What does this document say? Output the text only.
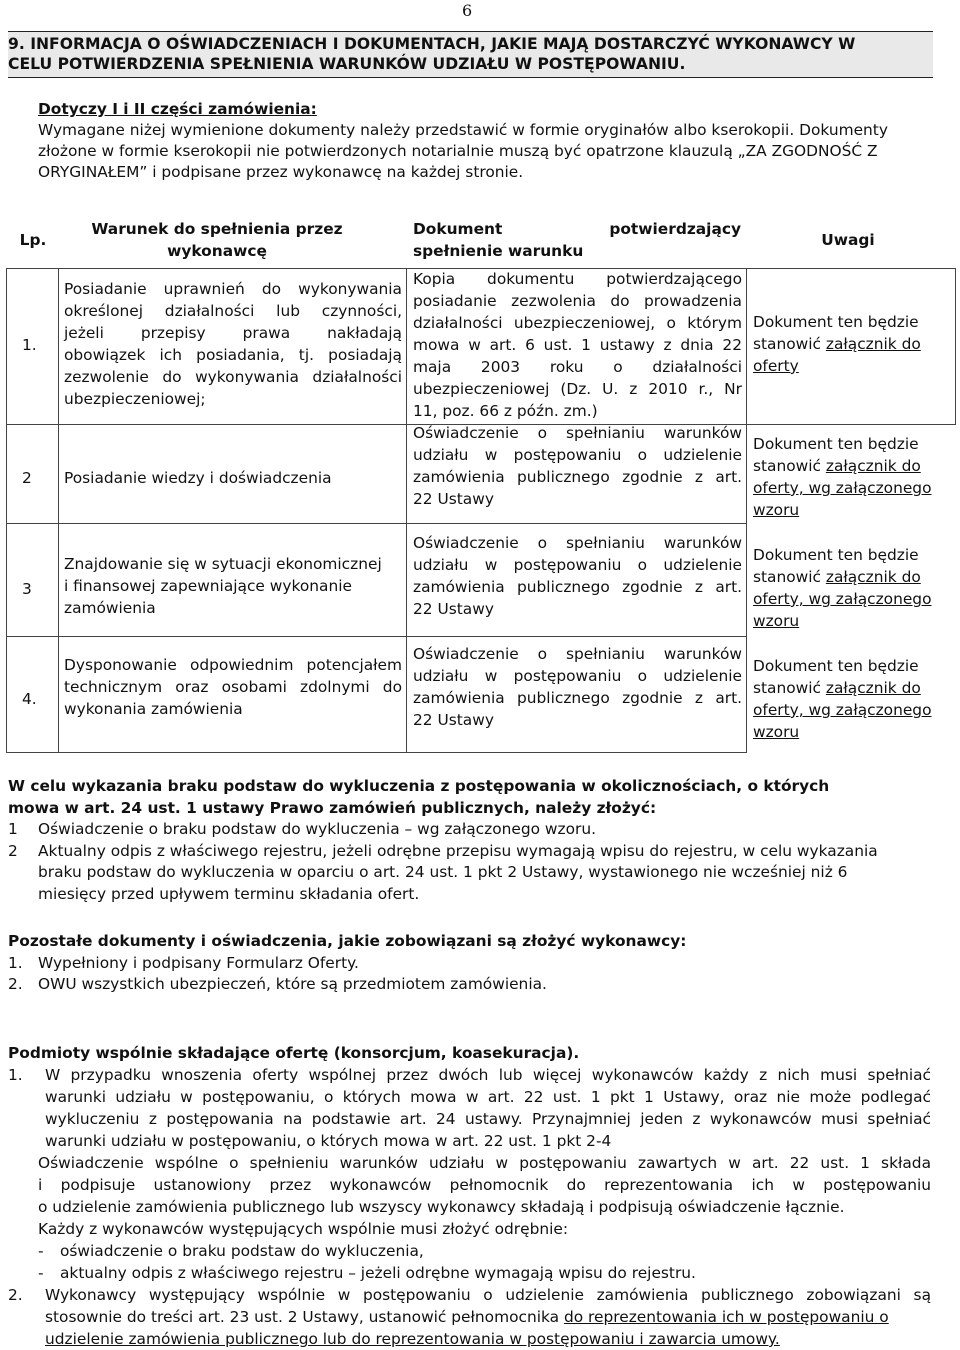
6
9. INFORMACJA O OŚWIADCZENIACH I DOKUMENTACH, JAKIE MAJĄ DOSTARCZYĆ WYKONAWCY W
CELU POTWIERDZENIA SPEŁNIENIA WARUNKÓW UDZIAŁU W POSTĘPOWANIU.
Dotyczy I i II części zamówienia:
Wymagane niżej wymienione dokumenty należy przedstawić w formie oryginałów albo kserokopii. Dokumenty
złożone w formie kserokopii nie potwierdzonych notarialnie muszą być opatrzone klauzulą „ZA ZGODNOŚĆ Z
ORYGINAŁEM” i podpisane przez wykonawcę na każdej stronie.
Lp.
Warunek do spełnienia przez
wykonawcę
Dokument potwierdzający
spełnienie warunku
Uwagi
1.
Posiadanie uprawnień do wykonywania
określonej działalności lub czynności,
jeżeli przepisy prawa nakładają
obowiązek ich posiadania, tj. posiadają
zezwolenie do wykonywania działalności
ubezpieczeniowej;
Kopia dokumentu potwierdzającego
posiadanie zezwolenia do prowadzenia
działalności ubezpieczeniowej, o którym
mowa w art. 6 ust. 1 ustawy z dnia 22
maja 2003 roku o działalności
ubezpieczeniowej (Dz. U. z 2010 r., Nr
11, poz. 66 z późn. zm.)
Dokument ten będzie
stanowić załącznik do
oferty
2 Posiadanie wiedzy i doświadczenia
Oświadczenie o spełnianiu warunków
udziału w postępowaniu o udzielenie
zamówienia publicznego zgodnie z art.
22 Ustawy
Dokument ten będzie
stanowić załącznik do
oferty, wg załączonego
wzoru
3
Znajdowanie się w sytuacji ekonomicznej
i finansowej zapewniające wykonanie
zamówienia
Oświadczenie o spełnianiu warunków
udziału w postępowaniu o udzielenie
zamówienia publicznego zgodnie z art.
22 Ustawy
Dokument ten będzie
stanowić załącznik do
oferty, wg załączonego
wzoru
4.
Dysponowanie odpowiednim potencjałem
technicznym oraz osobami zdolnymi do
wykonania zamówienia
Oświadczenie o spełnianiu warunków
udziału w postępowaniu o udzielenie
zamówienia publicznego zgodnie z art.
22 Ustawy
Dokument ten będzie
stanowić załącznik do
oferty, wg załączonego
wzoru
W celu wykazania braku podstaw do wykluczenia z postępowania w okolicznościach, o których
mowa w art. 24 ust. 1 ustawy Prawo zamówień publicznych, należy złożyć:
1 Oświadczenie o braku podstaw do wykluczenia – wg załączonego wzoru.
2 Aktualny odpis z właściwego rejestru, jeżeli odrębne przepisu wymagają wpisu do rejestru, w celu wykazania
braku podstaw do wykluczenia w oparciu o art. 24 ust. 1 pkt 2 Ustawy, wystawionego nie wcześniej niż 6
miesięcy przed upływem terminu składania ofert.
Pozostałe dokumenty i oświadczenia, jakie zobowiązani są złożyć wykonawcy:
1. Wypełniony i podpisany Formularz Oferty.
2. OWU wszystkich ubezpieczeń, które są przedmiotem zamówienia.
Podmioty wspólnie składające ofertę (konsorcjum, koasekuracja).
1. W przypadku wnoszenia oferty wspólnej przez dwóch lub więcej wykonawców każdy z nich musi spełniać
warunki udziału w postępowaniu, o których mowa w art. 22 ust. 1 pkt 1 Ustawy, oraz nie może podlegać
wykluczeniu z postępowania na podstawie art. 24 ustawy. Przynajmniej jeden z wykonawców musi spełniać
warunki udziału w postępowaniu, o których mowa w art. 22 ust. 1 pkt 2-4
Oświadczenie wspólne o spełnieniu warunków udziału w postępowaniu zawartych w art. 22 ust. 1 składa
i podpisuje ustanowiony przez wykonawców pełnomocnik do reprezentowania ich w postępowaniu
o udzielenie zamówienia publicznego lub wszyscy wykonawcy składają i podpisują oświadczenie łącznie.
Każdy z wykonawców występujących wspólnie musi złożyć odrębnie:
- oświadczenie o braku podstaw do wykluczenia,
- aktualny odpis z właściwego rejestru – jeżeli odrębne wymagają wpisu do rejestru.
2. Wykonawcy występujący wspólnie w postępowaniu o udzielenie zamówienia publicznego zobowiązani są
stosownie do treści art. 23 ust. 2 Ustawy, ustanowić pełnomocnika do reprezentowania ich w postępowaniu o
udzielenie zamówienia publicznego lub do reprezentowania w postępowaniu i zawarcia umowy.
